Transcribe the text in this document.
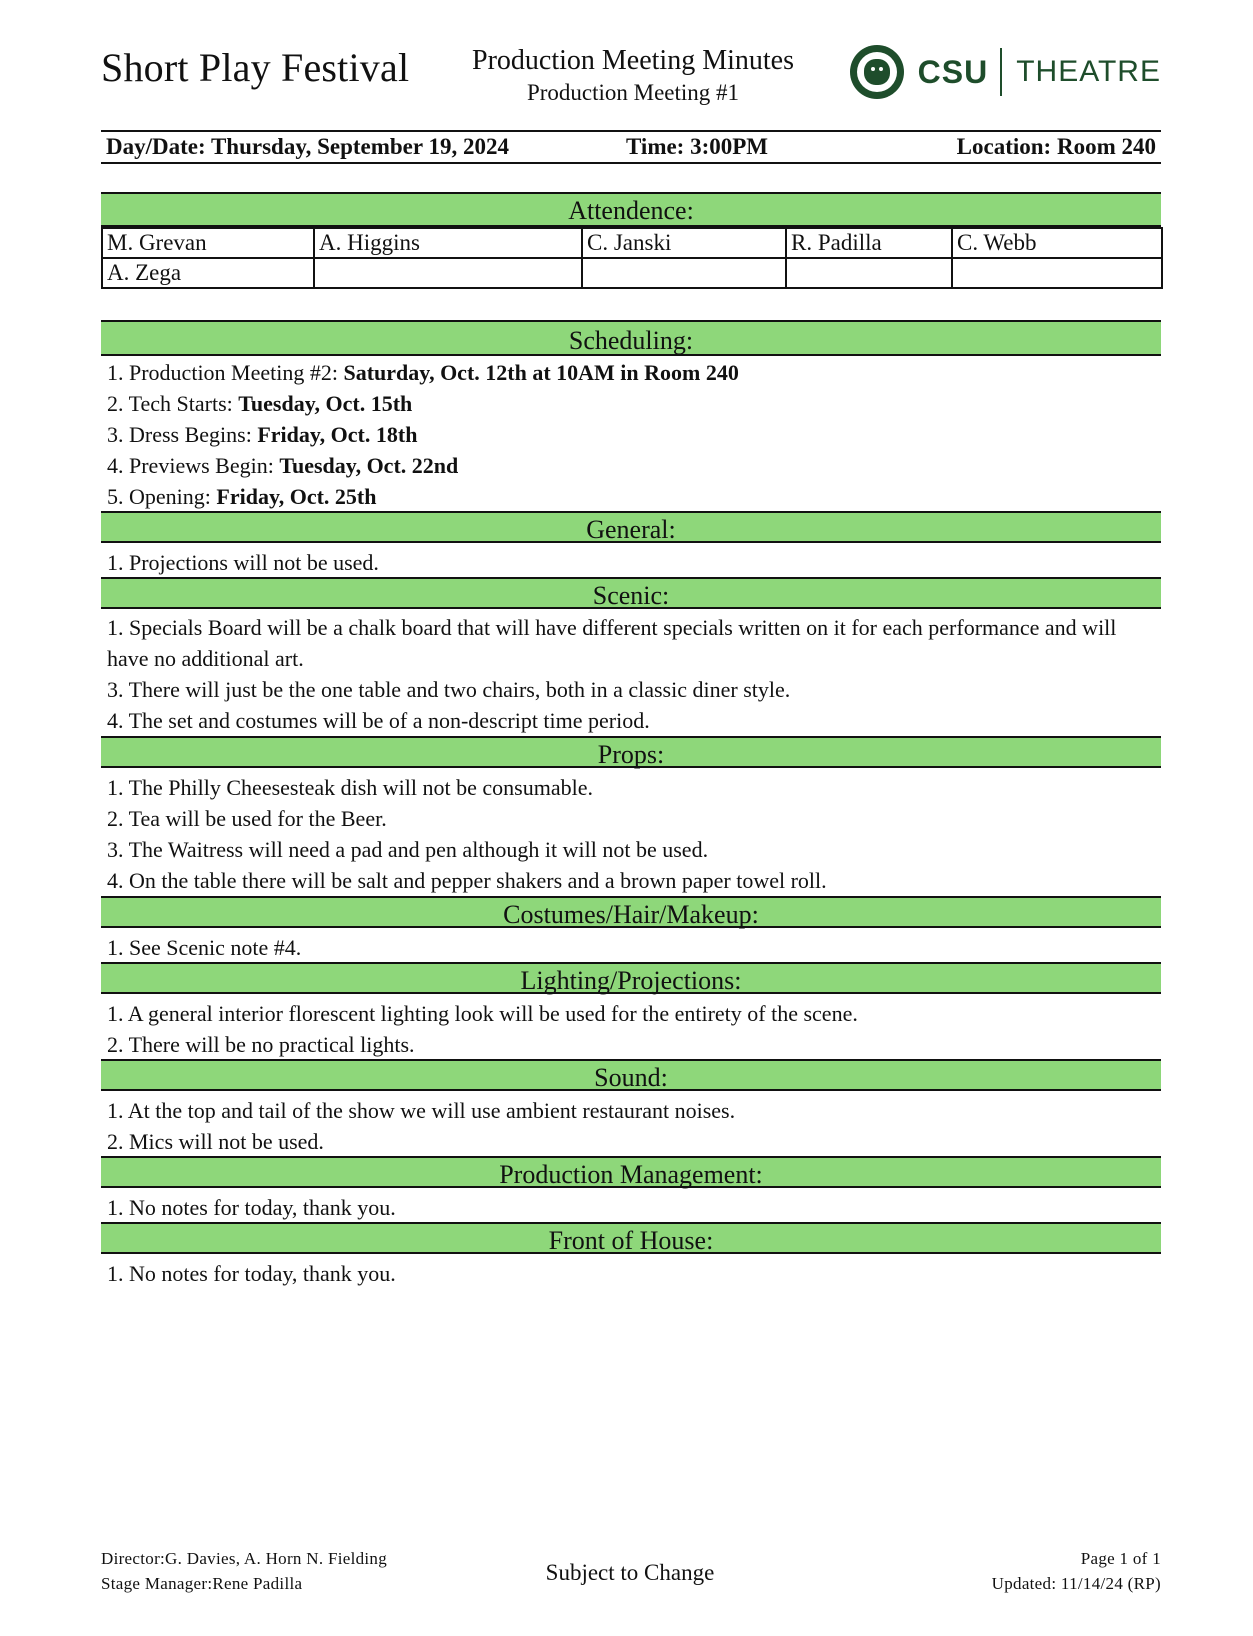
Short Play Festival	Production Meeting Minutes
Production Meeting #1
CSU THEATRE
Day/Date: Thursday, September 19, 2024	Time: 3:00PM	Location: Room 240
Attendence:
M. Grevan	A. Higgins	C. Janski	R. Padilla	C. Webb
A. Zega				
Scheduling:
1. Production Meeting #2: Saturday, Oct. 12th at 10AM in Room 240
2. Tech Starts: Tuesday, Oct. 15th
3. Dress Begins: Friday, Oct. 18th
4. Previews Begin: Tuesday, Oct. 22nd
5. Opening: Friday, Oct. 25th
General:
1. Projections will not be used.
Scenic:
1. Specials Board will be a chalk board that will have different specials written on it for each performance and will have no additional art.
3. There will just be the one table and two chairs, both in a classic diner style.
4. The set and costumes will be of a non-descript time period.
Props:
1. The Philly Cheesesteak dish will not be consumable.
2. Tea will be used for the Beer.
3. The Waitress will need a pad and pen although it will not be used.
4. On the table there will be salt and pepper shakers and a brown paper towel roll.
Costumes/Hair/Makeup:
1. See Scenic note #4.
Lighting/Projections:
1. A general interior florescent lighting look will be used for the entirety of the scene.
2. There will be no practical lights.
Sound:
1. At the top and tail of the show we will use ambient restaurant noises.
2. Mics will not be used.
Production Management:
1. No notes for today, thank you.
Front of House:
1. No notes for today, thank you.
Director:G. Davies, A. Horn N. Fielding
Stage Manager:Rene Padilla	Subject to Change
Page 1 of 1
Updated: 11/14/24 (RP)
